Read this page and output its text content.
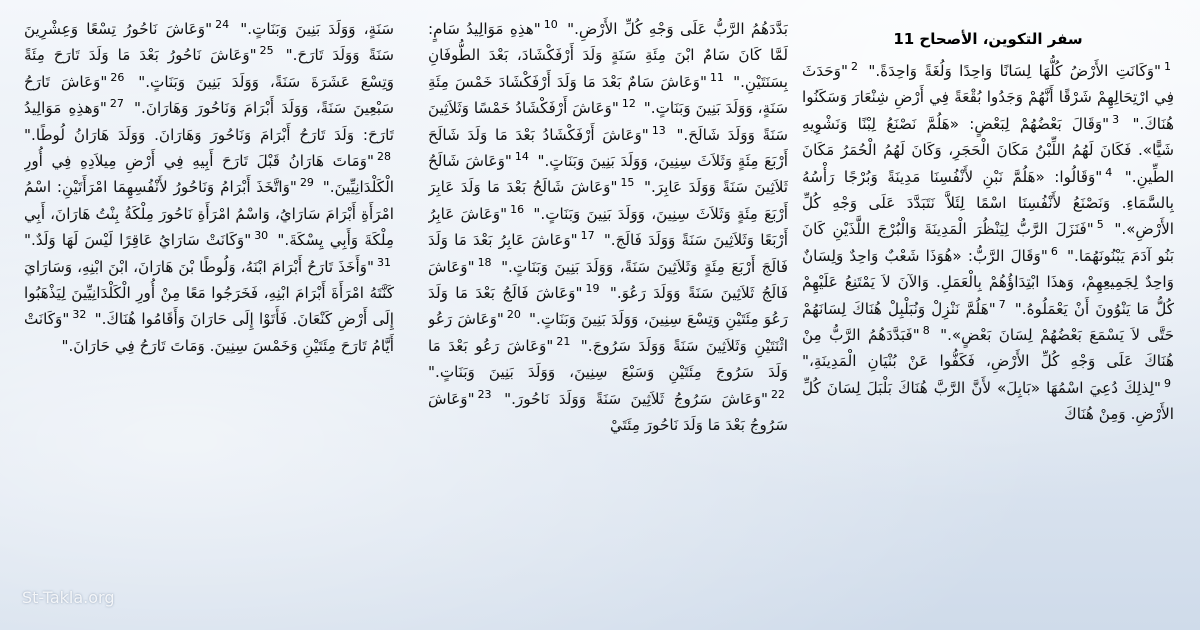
سفر التكوين، الأصحاح 11
$^1$"وَكَانَتِ الأَرْضُ كُلُّهَا لِسَانًا وَاحِدًا وَلُغَةً وَاحِدَةً." $^2$"وَحَدَثَ فِي ارْتِحَالِهِمْ شَرْقًا أَنَّهُمْ وَجَدُوا بُقْعَةً فِي أَرْضِ شِنْعَارَ وَسَكَنُوا هُنَاكَ." $^3$"وَقَالَ بَعْضُهُمْ لِبَعْضٍ: «هَلُمَّ نَصْنَعُ لِبْنًا وَنَشْوِيهِ شَيًّا». فَكَانَ لَهُمُ اللِّبْنُ مَكَانَ الْحَجَرِ، وَكَانَ لَهُمُ الْحُمَرُ مَكَانَ الطِّينِ." $^4$"وَقَالُوا: «هَلُمَّ نَبْنِ لأَنْفُسِنَا مَدِينَةً وَبُرْجًا رَأْسُهُ بِالسَّمَاءِ. وَنَصْنَعُ لأَنْفُسِنَا اسْمًا لِئَلاَّ نَتَبَدَّدَ عَلَى وَجْهِ كُلِّ الأَرْضِ»." $^5$"فَنَزَلَ الرَّبُّ لِيَنْظُرَ الْمَدِينَةَ وَالْبُرْجَ اللَّذَيْنِ كَانَ بَنُو آدَمَ يَبْنُونَهُمَا." $^6$"وَقَالَ الرَّبُّ: «هُوَذَا شَعْبٌ وَاحِدٌ وَلِسَانٌ وَاحِدٌ لِجَمِيعِهِمْ، وَهذَا ابْتِدَاؤُهُمْ بِالْعَمَلِ. وَالآنَ لاَ يَمْتَنِعُ عَلَيْهِمْ كُلُّ مَا يَنْوُونَ أَنْ يَعْمَلُوهُ." $^7$"هَلُمَّ نَنْزِلْ وَنُبَلْبِلْ هُنَاكَ لِسَانَهُمْ حَتَّى لاَ يَسْمَعَ بَعْضُهُمْ لِسَانَ بَعْضٍ»." $^8$"فَبَدَّدَهُمُ الرَّبُّ مِنْ هُنَاكَ عَلَى وَجْهِ كُلِّ الأَرْضِ، فَكَفُّوا عَنْ بُنْيَانِ الْمَدِينَةِ،" $^9$"لِذلِكَ دُعِيَ اسْمُهَا «بَابِلَ» لأَنَّ الرَّبَّ هُنَاكَ بَلْبَلَ لِسَانَ كُلِّ الأَرْضِ. وَمِنْ هُنَاكَ
بَدَّدَهُمُ الرَّبُّ عَلَى وَجْهِ كُلِّ الأَرْضِ." $^{10}$"هذِهِ مَوَالِيدُ سَامٍ: لَمَّا كَانَ سَامٌ ابْنَ مِئَةِ سَنَةٍ وَلَدَ أَرْفَكْشَادَ، بَعْدَ الطُّوفَانِ بِسَنَتَيْنِ." $^{11}$"وَعَاشَ سَامٌ بَعْدَ مَا وَلَدَ أَرْفَكْشَادَ خَمْسَ مِئَةِ سَنَةٍ، وَوَلَدَ بَنِينَ وَبَنَاتٍ." $^{12}$"وَعَاشَ أَرْفَكْشَادُ خَمْسًا وَثَلاَثِينَ سَنَةً وَوَلَدَ شَالَحَ." $^{13}$"وَعَاشَ أَرْفَكْشَادُ بَعْدَ مَا وَلَدَ شَالَحَ أَرْبَعَ مِئَةٍ وَثَلاَثَ سِنِينَ، وَوَلَدَ بَنِينَ وَبَنَاتٍ." $^{14}$"وَعَاشَ شَالَحُ ثَلاَثِينَ سَنَةً وَوَلَدَ عَابِرَ." $^{15}$"وَعَاشَ شَالَحُ بَعْدَ مَا وَلَدَ عَابِرَ أَرْبَعَ مِئَةٍ وَثَلاَثَ سِنِينَ، وَوَلَدَ بَنِينَ وَبَنَاتٍ." $^{16}$"وَعَاشَ عَابِرُ أَرْبَعًا وَثَلاَثِينَ سَنَةً وَوَلَدَ فَالَجَ." $^{17}$"وَعَاشَ عَابِرُ بَعْدَ مَا وَلَدَ فَالَجَ أَرْبَعَ مِئَةٍ وَثَلاَثِينَ سَنَةً، وَوَلَدَ بَنِينَ وَبَنَاتٍ." $^{18}$"وَعَاشَ فَالَجُ ثَلاَثِينَ سَنَةً وَوَلَدَ رَعُوَ." $^{19}$"وَعَاشَ فَالَجُ بَعْدَ مَا وَلَدَ رَعُوَ مِئَتَيْنِ وَتِسْعَ سِنِينَ، وَوَلَدَ بَنِينَ وَبَنَاتٍ." $^{20}$"وَعَاشَ رَعُو اثْنَتَيْنِ وَثَلاَثِينَ سَنَةً وَوَلَدَ سَرُوجَ." $^{21}$"وَعَاشَ رَعُو بَعْدَ مَا وَلَدَ سَرُوجَ مِئَتَيْنِ وَسَبْعَ سِنِينَ، وَوَلَدَ بَنِينَ وَبَنَاتٍ." $^{22}$"وَعَاشَ سَرُوجُ ثَلاَثِينَ سَنَةً وَوَلَدَ نَاحُورَ." $^{23}$"وَعَاشَ سَرُوجُ بَعْدَ مَا وَلَدَ نَاحُورَ مِئَتَيْ
سَنَةٍ، وَوَلَدَ بَنِينَ وَبَنَاتٍ." $^{24}$"وَعَاشَ نَاحُورُ تِسْعًا وَعِشْرِينَ سَنَةً وَوَلَدَ تَارَحَ." $^{25}$"وَعَاشَ نَاحُورُ بَعْدَ مَا وَلَدَ تَارَحَ مِئَةً وَتِسْعَ عَشَرَةَ سَنَةً، وَوَلَدَ بَنِينَ وَبَنَاتٍ." $^{26}$"وَعَاشَ تَارَحُ سَبْعِينَ سَنَةً، وَوَلَدَ أَبْرَامَ وَنَاحُورَ وَهَارَانَ." $^{27}$"وَهذِهِ مَوَالِيدُ تَارَحَ: وَلَدَ تَارَحُ أَبْرَامَ وَنَاحُورَ وَهَارَانَ. وَوَلَدَ هَارَانُ لُوطًا." $^{28}$"وَمَاتَ هَارَانُ قَبْلَ تَارَحَ أَبِيهِ فِي أَرْضِ مِيلاَدِهِ فِي أُورِ الْكَلْدَانِيِّينَ." $^{29}$"وَاتَّخَذَ أَبْرَامُ وَنَاحُورُ لأَنْفُسِهِمَا امْرَأَتَيْنِ: اسْمُ امْرَأَةِ أَبْرَامَ سَارَايُ، وَاسْمُ امْرَأَةِ نَاحُورَ مِلْكَةُ بِنْتُ هَارَانَ، أَبِي مِلْكَةَ وَأَبِي يِسْكَةَ." $^{30}$"وَكَانَتْ سَارَايُ عَاقِرًا لَيْسَ لَهَا وَلَدٌ." $^{31}$"وَأَخَذَ تَارَحُ أَبْرَامَ ابْنَهُ، وَلُوطًا بْنَ هَارَانَ، ابْنَ ابْنِهِ، وَسَارَايَ كَنَّتَهُ امْرَأَةَ أَبْرَامَ ابْنِهِ، فَخَرَجُوا مَعًا مِنْ أُورِ الْكَلْدَانِيِّينَ لِيَذْهَبُوا إِلَى أَرْضِ كَنْعَانَ. فَأَتَوْا إِلَى حَارَانَ وَأَقَامُوا هُنَاكَ." $^{32}$"وَكَانَتْ أَيَّامُ تَارَحَ مِئَتَيْنِ وَخَمْسَ سِنِينَ. وَمَاتَ تَارَحُ فِي حَارَانَ."
St-Takla.org
